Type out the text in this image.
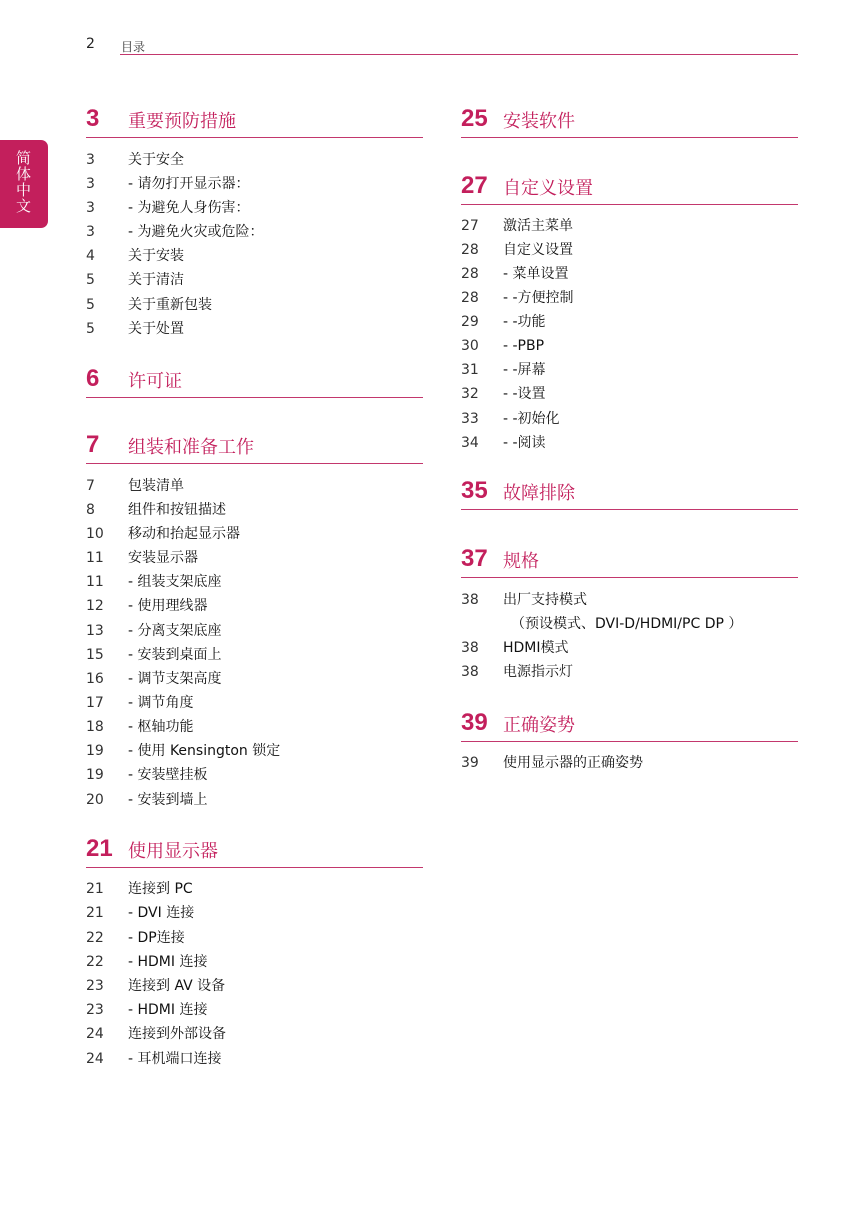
2 目录
简体中文
3 重要预防措施
3 关于安全
3 - 请勿打开显示器：
3 - 为避免人身伤害：
3 - 为避免火灾或危险：
4 关于安装
5 关于清洁
5 关于重新包装
5 关于处置
6 许可证
7 组装和准备工作
7 包装清单
8 组件和按钮描述
10 移动和抬起显示器
11 安装显示器
11 - 组装支架底座
12 - 使用理线器
13 - 分离支架底座
15 - 安装到桌面上
16 - 调节支架高度
17 - 调节角度
18 - 枢轴功能
19 - 使用 Kensington 锁定
19 - 安装壁挂板
20 - 安装到墙上
21 使用显示器
21 连接到 PC
21 - DVI 连接
22 - DP连接
22 - HDMI 连接
23 连接到 AV 设备
23 - HDMI 连接
24 连接到外部设备
24 - 耳机端口连接
25 安装软件
27 自定义设置
27 激活主菜单
28 自定义设置
28 - 菜单设置
28 - -方便控制
29 - -功能
30 - -PBP
31 - -屏幕
32 - -设置
33 - -初始化
34 - -阅读
35 故障排除
37 规格
38 出厂支持模式
（预设模式、DVI-D/HDMI/PC DP ）
38 HDMI模式
38 电源指示灯
39 正确姿势
39 使用显示器的正确姿势
